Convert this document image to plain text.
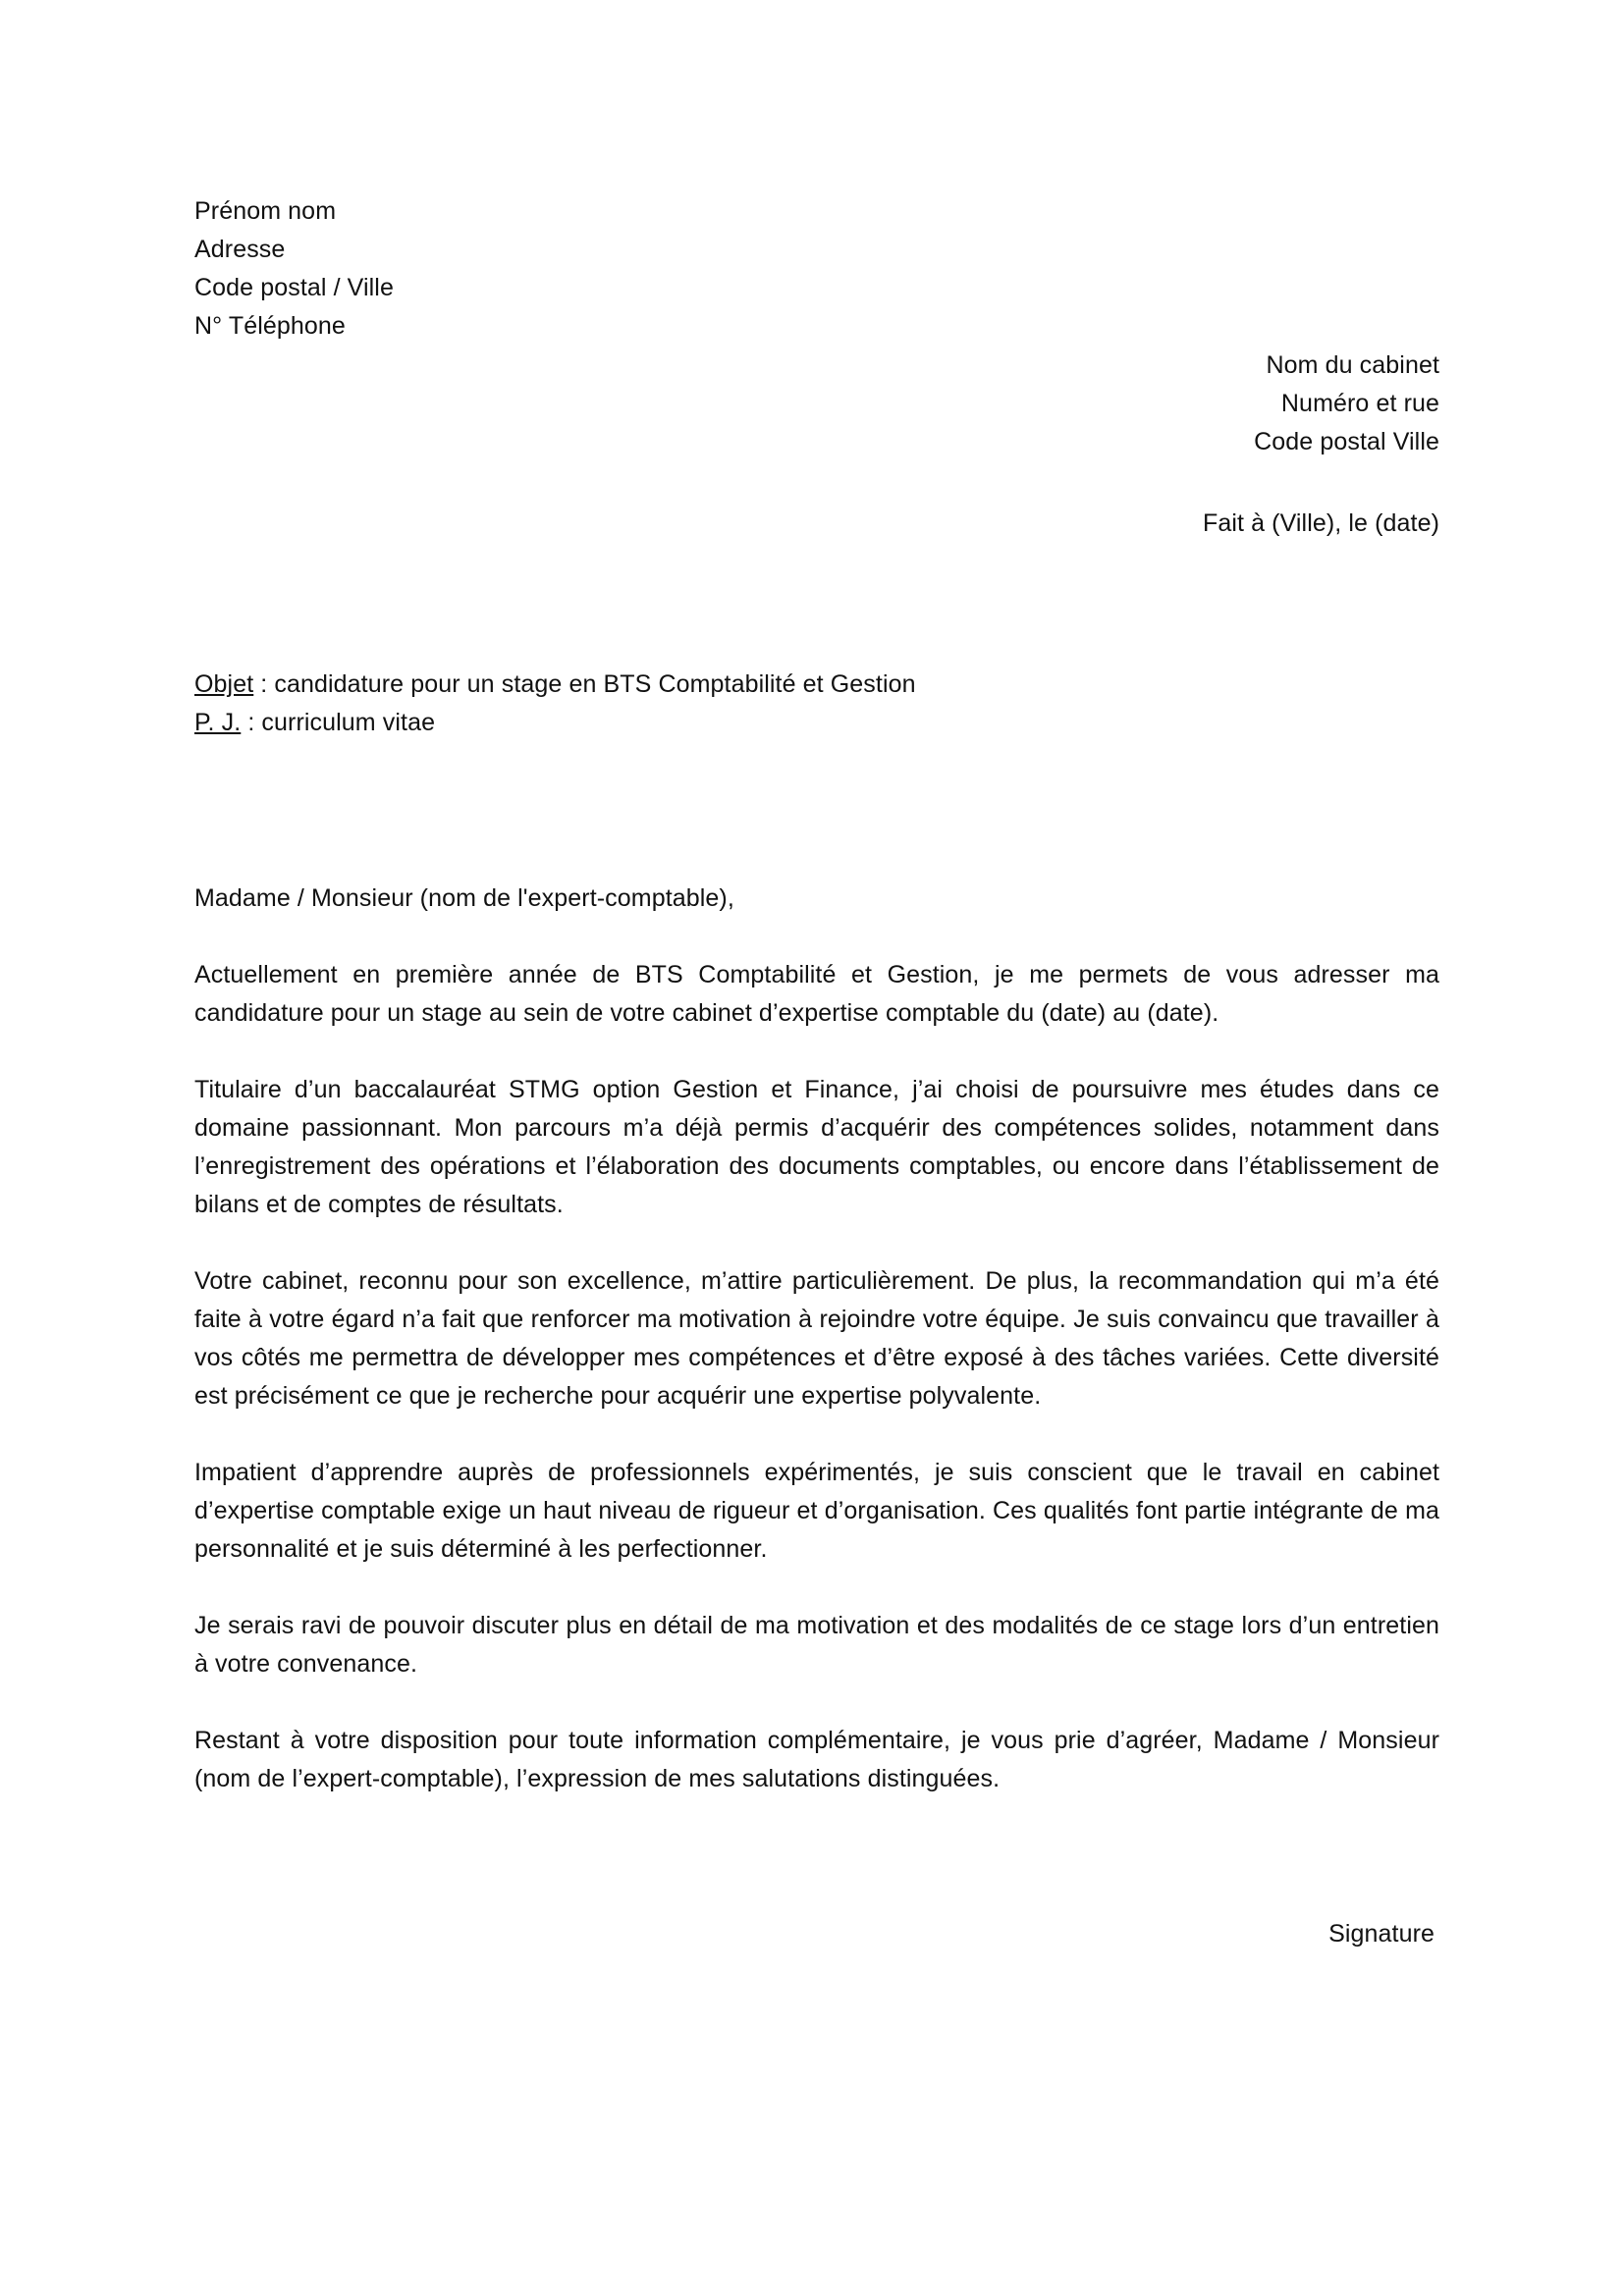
Prénom nom
Adresse
Code postal / Ville
N° Téléphone
Nom du cabinet
Numéro et rue
Code postal Ville
Fait à (Ville), le (date)
Objet : candidature pour un stage en BTS Comptabilité et Gestion
P. J. : curriculum vitae

Madame / Monsieur (nom de l'expert-comptable),

Actuellement en première année de BTS Comptabilité et Gestion, je me permets de vous adresser ma candidature pour un stage au sein de votre cabinet d’expertise comptable du (date) au (date).

Titulaire d’un baccalauréat STMG option Gestion et Finance, j’ai choisi de poursuivre mes études dans ce domaine passionnant. Mon parcours m’a déjà permis d’acquérir des compétences solides, notamment dans l’enregistrement des opérations et l’élaboration des documents comptables, ou encore dans l’établissement de bilans et de comptes de résultats.

Votre cabinet, reconnu pour son excellence, m’attire particulièrement. De plus, la recommandation qui m’a été faite à votre égard n’a fait que renforcer ma motivation à rejoindre votre équipe. Je suis convaincu que travailler à vos côtés me permettra de développer mes compétences et d’être exposé à des tâches variées. Cette diversité est précisément ce que je recherche pour acquérir une expertise polyvalente.

Impatient d’apprendre auprès de professionnels expérimentés, je suis conscient que le travail en cabinet d’expertise comptable exige un haut niveau de rigueur et d’organisation. Ces qualités font partie intégrante de ma personnalité et je suis déterminé à les perfectionner.

Je serais ravi de pouvoir discuter plus en détail de ma motivation et des modalités de ce stage lors d’un entretien à votre convenance.

Restant à votre disposition pour toute information complémentaire, je vous prie d’agréer, Madame / Monsieur (nom de l’expert-comptable), l’expression de mes salutations distinguées.

Signature
